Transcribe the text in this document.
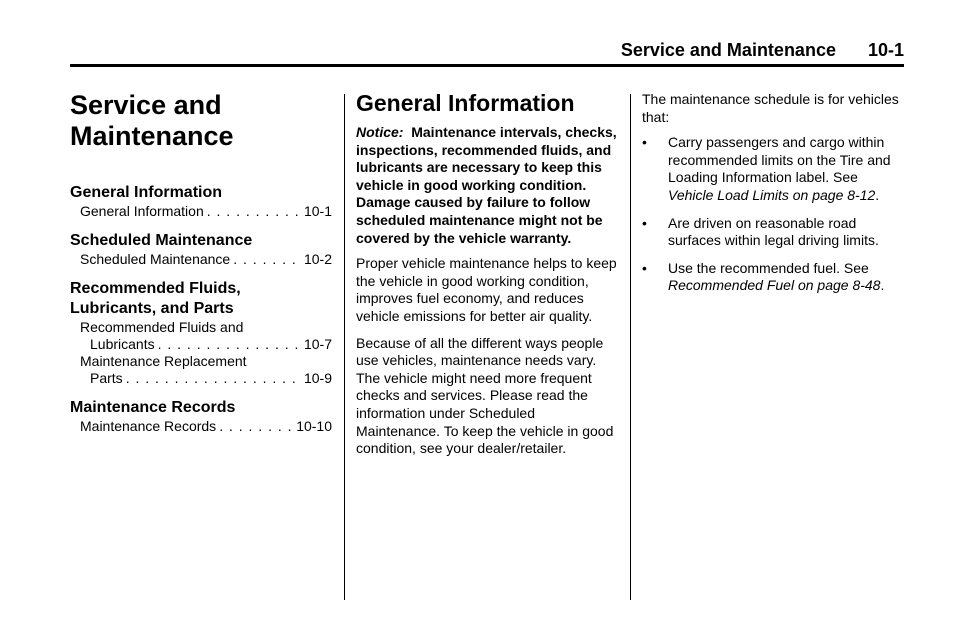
Service and Maintenance 10-1
Service and
Maintenance
General Information
General Information . . .	10-1
Scheduled Maintenance
Scheduled Maintenance . . .	10-2
Recommended Fluids,
Lubricants, and Parts
Recommended Fluids and
Lubricants . . .	10-7
Maintenance Replacement
Parts . . .	10-9
Maintenance Records
Maintenance Records . . .	10-10
General Information

Notice: Maintenance intervals, checks, inspections, recommended fluids, and lubricants are necessary to keep this vehicle in good working condition. Damage caused by failure to follow scheduled maintenance might not be covered by the vehicle warranty.

Proper vehicle maintenance helps to keep the vehicle in good working condition, improves fuel economy, and reduces vehicle emissions for better air quality.

Because of all the different ways people use vehicles, maintenance needs vary. The vehicle might need more frequent checks and services. Please read the information under Scheduled Maintenance. To keep the vehicle in good condition, see your dealer/retailer.

The maintenance schedule is for vehicles that:

• Carry passengers and cargo within recommended limits on the Tire and Loading Information label. See Vehicle Load Limits on page 8-12.
• Are driven on reasonable road surfaces within legal driving limits.
• Use the recommended fuel. See Recommended Fuel on page 8-48.
